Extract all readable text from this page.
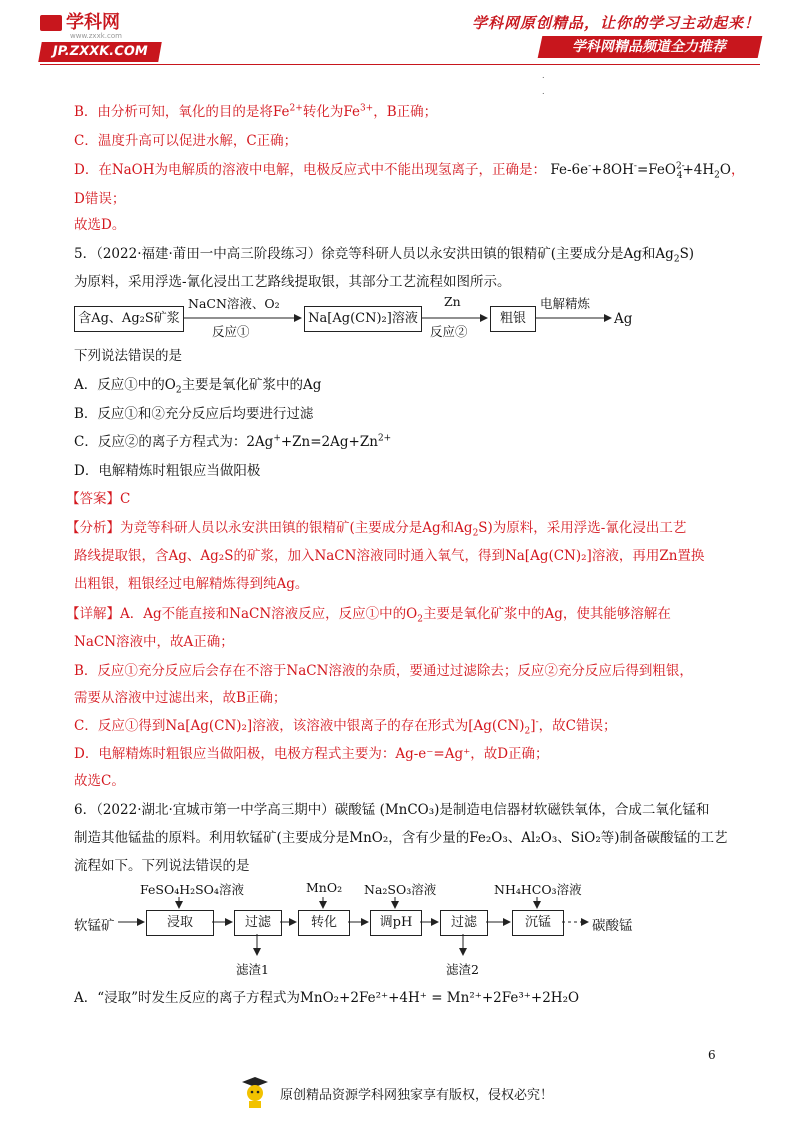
学科网
www.zxxk.com
JP.ZXXK.COM
学科网原创精品，让你的学习主动起来！
学科网精品频道全力推荐
.

.
B．由分析可知，氧化的目的是将$Fe^{2+}$转化为$Fe^{3+}$，B正确；
C．温度升高可以促进水解，C正确；
D．在NaOH为电解质的溶液中电解，电极反应式中不能出现氢离子，正确是： $Fe-6e^-+8OH^-=FeO^{2-}_4+4H_2O$，
D错误；
故选D。
5．（2022·福建·莆田一中高三阶段练习）徐竞等科研人员以永安洪田镇的银精矿(主要成分是Ag和$Ag_2S$)
为原料，采用浮选-氰化浸出工艺路线提取银，其部分工艺流程如图所示。
含Ag、Ag₂S矿浆
NaCN溶液、O₂
反应①
Na[Ag(CN)₂]溶液
Zn
反应②
粗银
电解精炼
Ag
下列说法错误的是
A．反应①中的$O_2$主要是氧化矿浆中的Ag
B．反应①和②充分反应后均要进行过滤
C．反应②的离子方程式为：$2Ag^++Zn=2Ag+Zn^{2+}$
D．电解精炼时粗银应当做阳极
【答案】C
【分析】为竞等科研人员以永安洪田镇的银精矿(主要成分是Ag和$Ag_2S$)为原料，采用浮选-氰化浸出工艺
路线提取银，含Ag、Ag₂S的矿浆，加入NaCN溶液同时通入氧气，得到Na[Ag(CN)₂]溶液，再用Zn置换
出粗银，粗银经过电解精炼得到纯Ag。
【详解】A．Ag不能直接和NaCN溶液反应，反应①中的$O_2$主要是氧化矿浆中的Ag，使其能够溶解在
NaCN溶液中，故A正确；
B．反应①充分反应后会存在不溶于NaCN溶液的杂质，要通过过滤除去；反应②充分反应后得到粗银，
需要从溶液中过滤出来，故B正确；
C．反应①得到Na[Ag(CN)₂]溶液，该溶液中银离子的存在形式为$[Ag(CN)_2]^-$，故C错误；
D．电解精炼时粗银应当做阳极，电极方程式主要为：Ag-e⁻=Ag⁺，故D正确；
故选C。
6．（2022·湖北·宜城市第一中学高三期中）碳酸锰 (MnCO₃)是制造电信器材软磁铁氧体，合成二氧化锰和
制造其他锰盐的原料。利用软锰矿(主要成分是MnO₂，含有少量的Fe₂O₃、Al₂O₃、SiO₂等)制备碳酸锰的工艺
流程如下。下列说法错误的是
软锰矿
FeSO₄H₂SO₄溶液
浸取	过滤
滤渣1
MnO₂
转化
Na₂SO₃溶液
调pH	过滤
滤渣2
NH₄HCO₃溶液
沉锰	碳酸锰
A．“浸取”时发生反应的离子方程式为MnO₂+2Fe²⁺+4H⁺ = Mn²⁺+2Fe³⁺+2H₂O
6
原创精品资源学科网独家享有版权，侵权必究！
